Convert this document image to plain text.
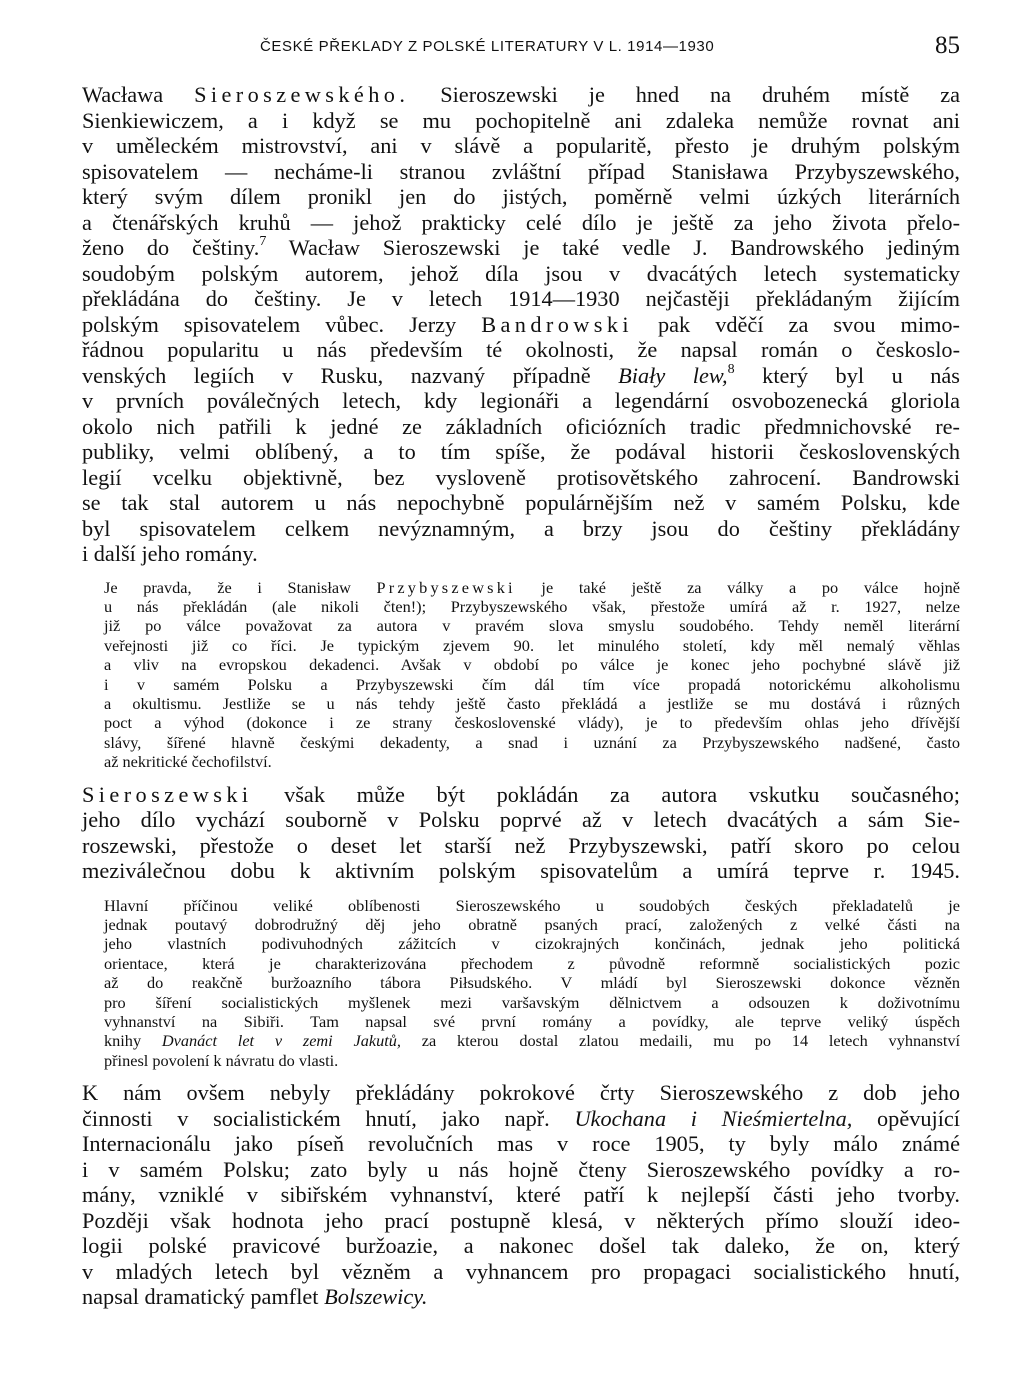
ČESKÉ PŘEKLADY Z POLSKÉ LITERATURY V L. 1914—1930	85
Wacława Sieroszewského. Sieroszewski je hned na druhém místě za
Sienkiewiczem, a i když se mu pochopitelně ani zdaleka nemůže rovnat ani
v uměleckém mistrovství, ani v slávě a popularitě, přesto je druhým polským
spisovatelem — necháme-li stranou zvláštní případ Stanisława Przybyszewského,
který svým dílem pronikl jen do jistých, poměrně velmi úzkých literárních
a čtenářských kruhů — jehož prakticky celé dílo je ještě za jeho života přelo-
ženo do češtiny.$^7$ Wacław Sieroszewski je také vedle J. Bandrowského jediným
soudobým polským autorem, jehož díla jsou v dvacátých letech systematicky
překládána do češtiny. Je v letech 1914—1930 nejčastěji překládaným žijícím
polským spisovatelem vůbec. Jerzy Bandrowski pak vděčí za svou mimo-
řádnou popularitu u nás především té okolnosti, že napsal román o českoslo-
venských legiích v Rusku, nazvaný případně Biały lew,$^8$ který byl u nás
v prvních poválečných letech, kdy legionáři a legendární osvobozenecká gloriola
okolo nich patřili k jedné ze základních oficiózních tradic předmnichovské re-
publiky, velmi oblíbený, a to tím spíše, že podával historii československých
legií vcelku objektivně, bez vysloveně protisovětského zahrocení. Bandrowski
se tak stal autorem u nás nepochybně populárnějším než v samém Polsku, kde
byl spisovatelem celkem nevýznamným, a brzy jsou do češtiny překládány
i další jeho romány.
Je pravda, že i Stanisław Przybyszewski je také ještě za války a po válce hojně
u nás překládán (ale nikoli čten!); Przybyszewského však, přestože umírá až r. 1927, nelze
již po válce považovat za autora v pravém slova smyslu soudobého. Tehdy neměl literární
veřejnosti již co říci. Je typickým zjevem 90. let minulého století, kdy měl nemalý věhlas
a vliv na evropskou dekadenci. Avšak v období po válce je konec jeho pochybné slávě již
i v samém Polsku a Przybyszewski čím dál tím více propadá notorickému alkoholismu
a okultismu. Jestliže se u nás tehdy ještě často překládá a jestliže se mu dostává i různých
poct a výhod (dokonce i ze strany československé vlády), je to především ohlas jeho dřívější
slávy, šířené hlavně českými dekadenty, a snad i uznání za Przybyszewského nadšené, často
až nekritické čechofilství.
Sieroszewski však může být pokládán za autora vskutku současného;
jeho dílo vychází souborně v Polsku poprvé až v letech dvacátých a sám Sie-
roszewski, přestože o deset let starší než Przybyszewski, patří skoro po celou
meziválečnou dobu k aktivním polským spisovatelům a umírá teprve r. 1945.
Hlavní příčinou veliké oblíbenosti Sieroszewského u soudobých českých překladatelů je
jednak poutavý dobrodružný děj jeho obratně psaných prací, založených z velké části na
jeho vlastních podivuhodných zážitcích v cizokrajných končinách, jednak jeho politická
orientace, která je charakterizována přechodem z původně reformně socialistických pozic
až do reakčně buržoazního tábora Piłsudského. V mládí byl Sieroszewski dokonce vězněn
pro šíření socialistických myšlenek mezi varšavským dělnictvem a odsouzen k doživotnímu
vyhnanství na Sibiři. Tam napsal své první romány a povídky, ale teprve veliký úspěch
knihy Dvanáct let v zemi Jakutů, za kterou dostal zlatou medaili, mu po 14 letech vyhnanství
přinesl povolení k návratu do vlasti.
K nám ovšem nebyly překládány pokrokové črty Sieroszewského z dob jeho
činnosti v socialistickém hnutí, jako např. Ukochana i Nieśmiertelna, opěvující
Internacionálu jako píseň revolučních mas v roce 1905, ty byly málo známé
i v samém Polsku; zato byly u nás hojně čteny Sieroszewského povídky a ro-
mány, vzniklé v sibiřském vyhnanství, které patří k nejlepší části jeho tvorby.
Později však hodnota jeho prací postupně klesá, v některých přímo slouží ideo-
logii polské pravicové buržoazie, a nakonec došel tak daleko, že on, který
v mladých letech byl vězněm a vyhnancem pro propagaci socialistického hnutí,
napsal dramatický pamflet Bolszewicy.
